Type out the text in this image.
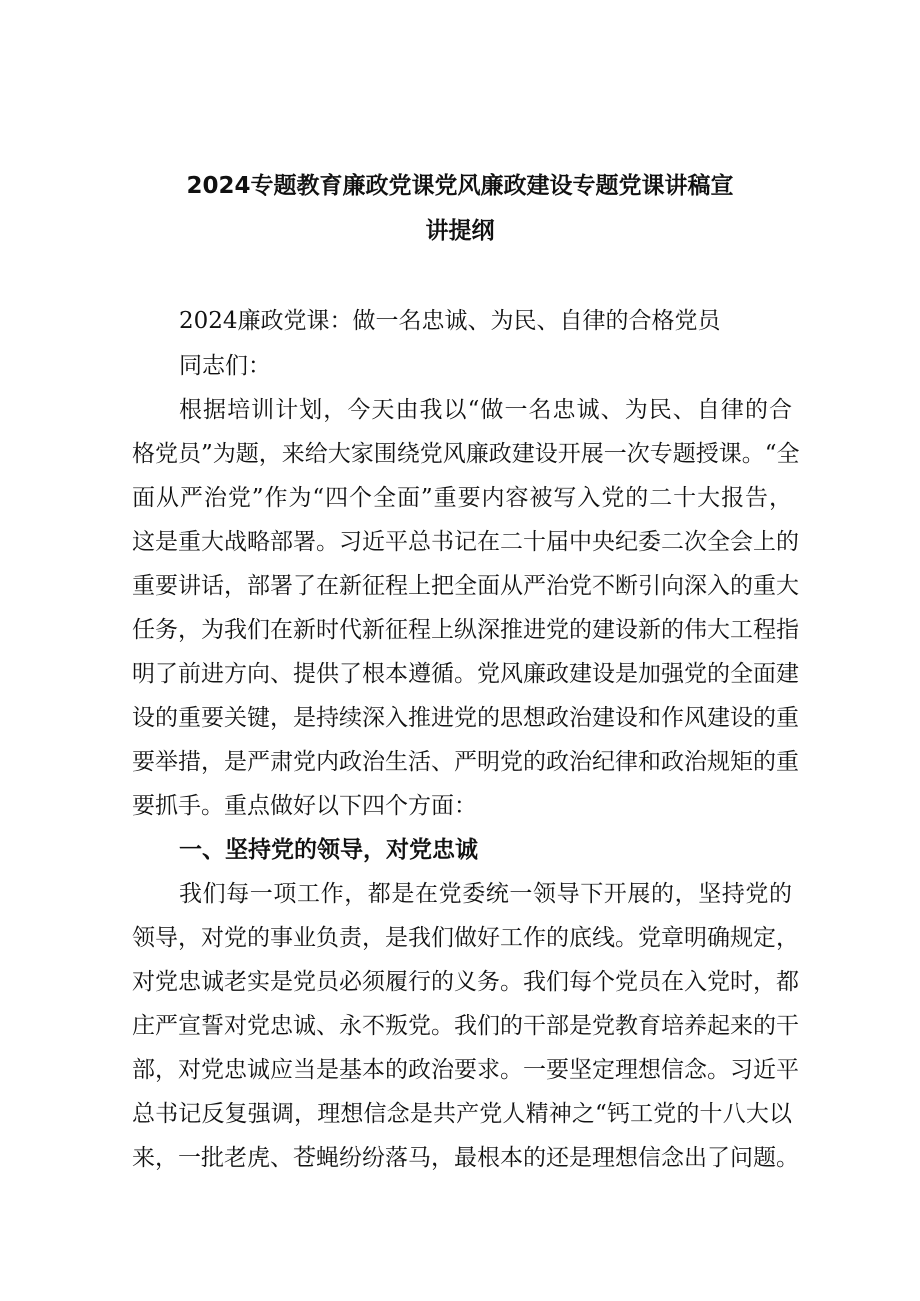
2024专题教育廉政党课党风廉政建设专题党课讲稿宣
讲提纲
2024廉政党课：做一名忠诚、为民、自律的合格党员
同志们：
根据培训计划，今天由我以“做一名忠诚、为民、自律的合
格党员”为题，来给大家围绕党风廉政建设开展一次专题授课。“全
面从严治党”作为“四个全面”重要内容被写入党的二十大报告，
这是重大战略部署。习近平总书记在二十届中央纪委二次全会上的
重要讲话，部署了在新征程上把全面从严治党不断引向深入的重大
任务，为我们在新时代新征程上纵深推进党的建设新的伟大工程指
明了前进方向、提供了根本遵循。党风廉政建设是加强党的全面建
设的重要关键，是持续深入推进党的思想政治建设和作风建设的重
要举措，是严肃党内政治生活、严明党的政治纪律和政治规矩的重
要抓手。重点做好以下四个方面：
一、坚持党的领导，对党忠诚
我们每一项工作，都是在党委统一领导下开展的，坚持党的
领导，对党的事业负责，是我们做好工作的底线。党章明确规定，
对党忠诚老实是党员必须履行的义务。我们每个党员在入党时，都
庄严宣誓对党忠诚、永不叛党。我们的干部是党教育培养起来的干
部，对党忠诚应当是基本的政治要求。一要坚定理想信念。习近平
总书记反复强调，理想信念是共产党人精神之“钙工党的十八大以
来，一批老虎、苍蝇纷纷落马，最根本的还是理想信念出了问题。
